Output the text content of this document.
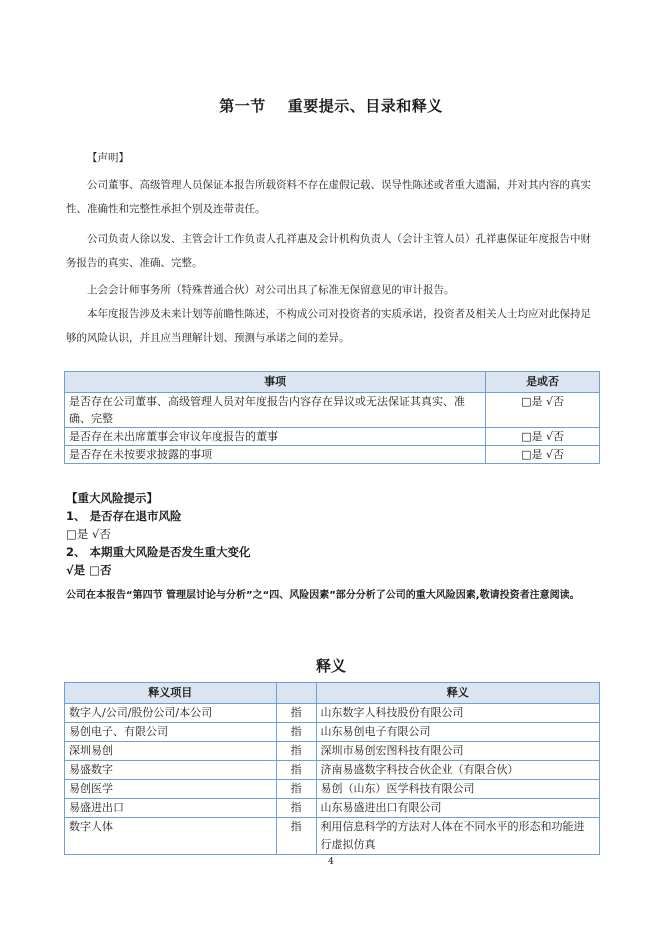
第一节 重要提示、目录和释义

【声明】

公司董事、高级管理人员保证本报告所载资料不存在虚假记载、误导性陈述或者重大遗漏，并对其内容的真实性、准确性和完整性承担个别及连带责任。

公司负责人徐以发、主管会计工作负责人孔祥惠及会计机构负责人（会计主管人员）孔祥惠保证年度报告中财务报告的真实、准确、完整。

上会会计师事务所（特殊普通合伙）对公司出具了标准无保留意见的审计报告。

本年度报告涉及未来计划等前瞻性陈述，不构成公司对投资者的实质承诺，投资者及相关人士均应对此保持足够的风险认识，并且应当理解计划、预测与承诺之间的差异。

事项	是或否
是否存在公司董事、高级管理人员对年度报告内容存在异议或无法保证其真实、准确、完整	□是 √否
是否存在未出席董事会审议年度报告的董事	□是 √否
是否存在未按要求披露的事项	□是 √否
【重大风险提示】
1、 是否存在退市风险
□是 √否
2、 本期重大风险是否发生重大变化
√是 □否

公司在本报告“第四节 管理层讨论与分析”之“四、风险因素”部分分析了公司的重大风险因素,敬请投资者注意阅读。

释义
释义项目		释义
数字人/公司/股份公司/本公司	指	山东数字人科技股份有限公司
易创电子、有限公司	指	山东易创电子有限公司
深圳易创	指	深圳市易创宏图科技有限公司
易盛数字	指	济南易盛数字科技合伙企业（有限合伙）
易创医学	指	易创（山东）医学科技有限公司
易盛进出口	指	山东易盛进出口有限公司
数字人体	指	利用信息科学的方法对人体在不同水平的形态和功能进行虚拟仿真
4
